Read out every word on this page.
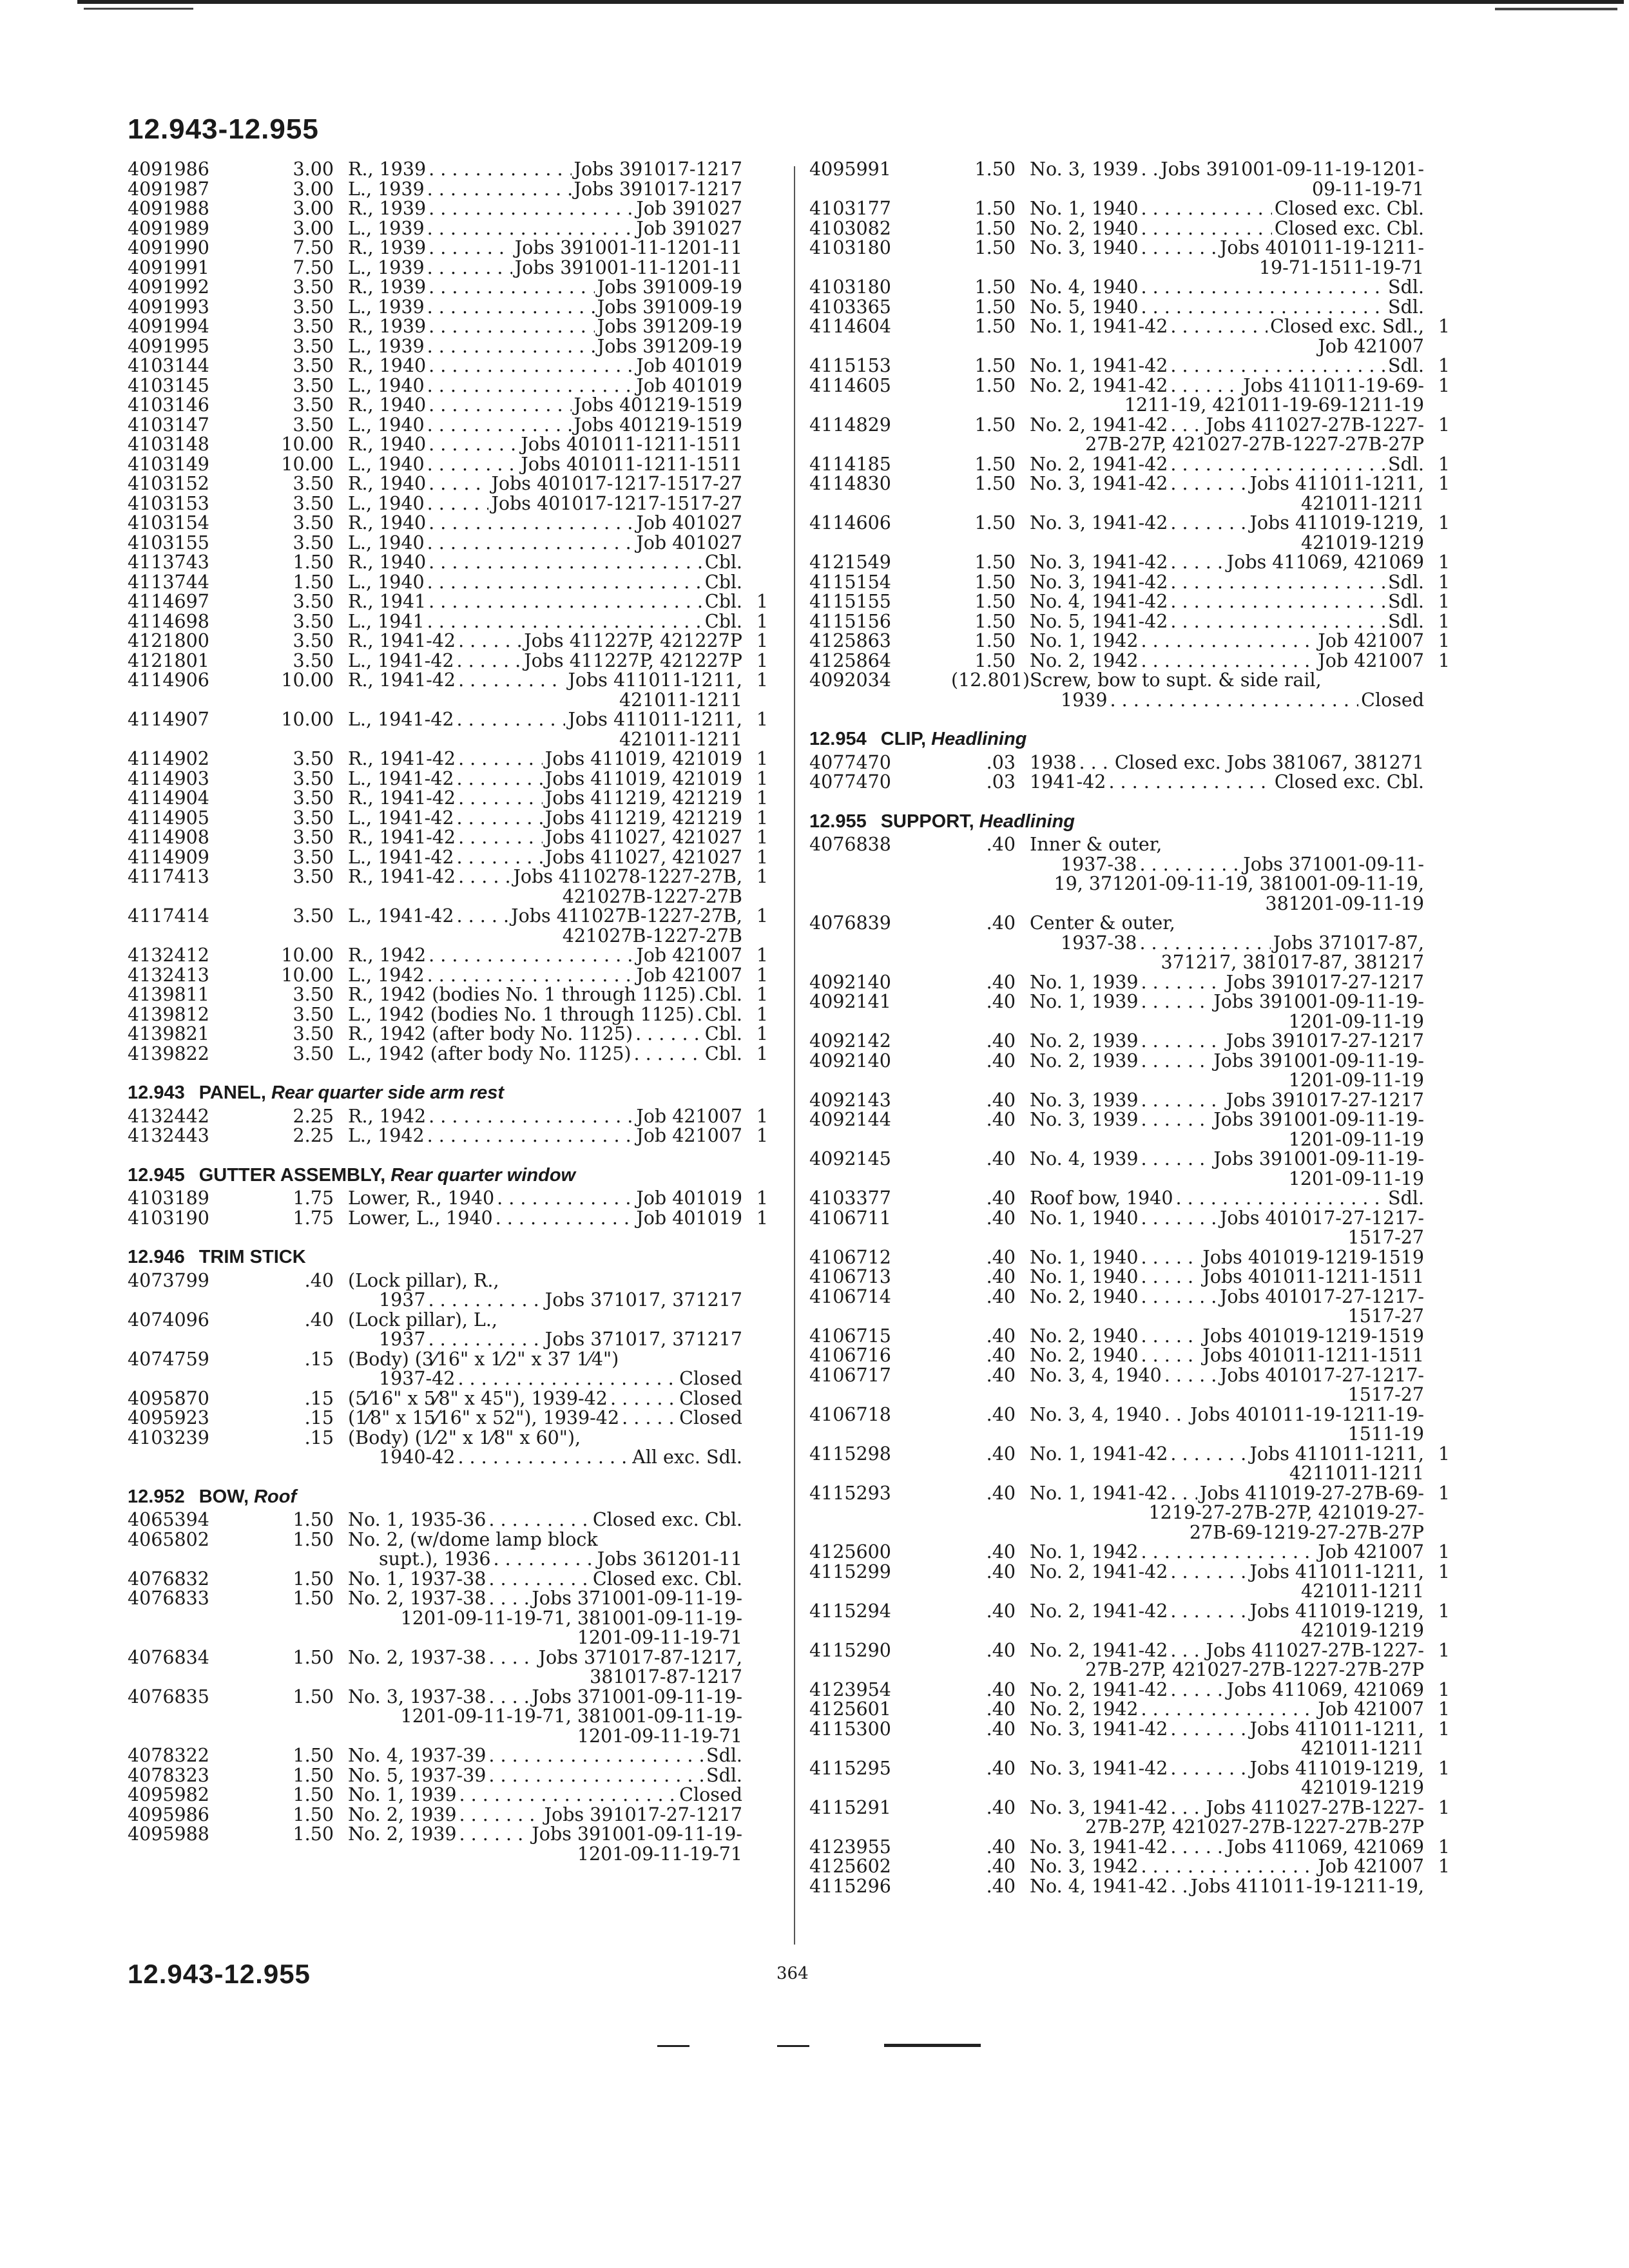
12.943-12.955
4091986	3.00 R., 1939 . . .	Jobs 391017-1217
4091987	3.00 L., 1939 . . .	Jobs 391017-1217
4091988	3.00 R., 1939 . . .	Job 391027
4091989	3.00 L., 1939 . . .	Job 391027
4091990	7.50 R., 1939 . . .	Jobs 391001-11-1201-11
4091991	7.50 L., 1939 . . .	Jobs 391001-11-1201-11
4091992	3.50 R., 1939 . . .	Jobs 391009-19
4091993	3.50 L., 1939 . . .	Jobs 391009-19
4091994	3.50 R., 1939 . . .	Jobs 391209-19
4091995	3.50 L., 1939 . . .	Jobs 391209-19
4103144	3.50 R., 1940 . . .	Job 401019
4103145	3.50 L., 1940 . . .	Job 401019
4103146	3.50 R., 1940 . . .	Jobs 401219-1519
4103147	3.50 L., 1940 . . .	Jobs 401219-1519
4103148	10.00 R., 1940 . . .	Jobs 401011-1211-1511
4103149	10.00 L., 1940 . . .	Jobs 401011-1211-1511
4103152	3.50 R., 1940 . . .	Jobs 401017-1217-1517-27
4103153	3.50 L., 1940 . . .	Jobs 401017-1217-1517-27
4103154	3.50 R., 1940 . . .	Job 401027
4103155	3.50 L., 1940 . . .	Job 401027
4113743	1.50 R., 1940 . . .	Cbl.
4113744	1.50 L., 1940 . . .	Cbl.
4114697	3.50 R., 1941 . . .	Cbl. 1
4114698	3.50 L., 1941 . . .	Cbl. 1
4121800	3.50 R., 1941-42 . . .	Jobs 411227P, 421227P 1
4121801	3.50 L., 1941-42 . . .	Jobs 411227P, 421227P 1
4114906	10.00 R., 1941-42 . . .	Jobs 411011-1211,
421011-1211
1
4114907	10.00 L., 1941-42 . . .	Jobs 411011-1211,
421011-1211
1
4114902	3.50 R., 1941-42 . . .	Jobs 411019, 421019 1
4114903	3.50 L., 1941-42 . . .	Jobs 411019, 421019 1
4114904	3.50 R., 1941-42 . . .	Jobs 411219, 421219 1
4114905	3.50 L., 1941-42 . . .	Jobs 411219, 421219 1
4114908	3.50 R., 1941-42 . . .	Jobs 411027, 421027 1
4114909	3.50 L., 1941-42 . . .	Jobs 411027, 421027 1
4117413	3.50 R., 1941-42 . . .	Jobs 4110278-1227-27B,
421027B-1227-27B
1
4117414	3.50 L., 1941-42 . . .	Jobs 411027B-1227-27B,
421027B-1227-27B
1
4132412	10.00 R., 1942 . . .	Job 421007 1
4132413	10.00 L., 1942 . . .	Job 421007 1
4139811	3.50 R., 1942 (bodies No. 1 through 1125) . . . Cbl. 1
4139812	3.50 L., 1942 (bodies No. 1 through 1125) . . . Cbl. 1
4139821	3.50 R., 1942 (after body No. 1125) . . .	Cbl. 1
4139822	3.50 L., 1942 (after body No. 1125) . . .	Cbl. 1
12.943 PANEL, Rear quarter side arm rest
4132442	2.25 R., 1942 . . .	Job 421007 1
4132443	2.25 L., 1942 . . .	Job 421007 1
12.945 GUTTER ASSEMBLY, Rear quarter window
4103189	1.75 Lower, R., 1940 . . .	Job 401019 1
4103190	1.75 Lower, L., 1940 . . .	Job 401019 1
12.946 TRIM STICK
4073799	.40 (Lock pillar), R.,
1937 . . .	Jobs 371017, 371217
4074096	.40 (Lock pillar), L.,
1937 . . .	Jobs 371017, 371217
4074759	.15 (Body) (3⁄16" x 1⁄2" x 37 1⁄4")
1937-42 . . .	Closed
4095870	.15 (5⁄16" x 5⁄8" x 45"), 1939-42 . . .	Closed
4095923	.15 (1⁄8" x 15⁄16" x 52"), 1939-42 . . .	Closed
4103239	.15 (Body) (1⁄2" x 1⁄8" x 60"),
1940-42 . . .	All exc. Sdl.
12.952 BOW, Roof
4065394	1.50 No. 1, 1935-36 . . .	Closed exc. Cbl.
4065802	1.50 No. 2, (w/dome lamp block
supt.), 1936 . . .	Jobs 361201-11
4076832	1.50 No. 1, 1937-38 . . .	Closed exc. Cbl.
4076833	1.50 No. 2, 1937-38 . . . Jobs 371001-09-11-19-
1201-09-11-19-71, 381001-09-11-19-
1201-09-11-19-71
4076834	1.50 No. 2, 1937-38 . . .	Jobs 371017-87-1217,
381017-87-1217
4076835	1.50 No. 3, 1937-38 . . . Jobs 371001-09-11-19-
1201-09-11-19-71, 381001-09-11-19-
1201-09-11-19-71
4078322	1.50 No. 4, 1937-39 . . .	Sdl.
4078323	1.50 No. 5, 1937-39 . . .	Sdl.
4095982	1.50 No. 1, 1939 . . .	Closed
4095986	1.50 No. 2, 1939 . . .	Jobs 391017-27-1217
4095988	1.50 No. 2, 1939 . . .	Jobs 391001-09-11-19-
1201-09-11-19-71
4095991	1.50 No. 3, 1939 . . . Jobs 391001-09-11-19-1201-
09-11-19-71
4103177	1.50 No. 1, 1940 . . .	Closed exc. Cbl.
4103082	1.50 No. 2, 1940 . . .	Closed exc. Cbl.
4103180	1.50 No. 3, 1940 . . .	Jobs 401011-19-1211-
19-71-1511-19-71
4103180	1.50 No. 4, 1940 . . .	Sdl.
4103365	1.50 No. 5, 1940 . . .	Sdl.
4114604	1.50 No. 1, 1941-42 . . .	Closed exc. Sdl.,
Job 421007
1
4115153	1.50 No. 1, 1941-42 . . .	Sdl. 1
4114605	1.50 No. 2, 1941-42 . . .	Jobs 411011-19-69-
1211-19, 421011-19-69-1211-19
1
4114829	1.50 No. 2, 1941-42 . . . Jobs 411027-27B-1227-
27B-27P, 421027-27B-1227-27B-27P
1
4114185	1.50 No. 2, 1941-42 . . .	Sdl. 1
4114830	1.50 No. 3, 1941-42 . . .	Jobs 411011-1211,
421011-1211
1
4114606	1.50 No. 3, 1941-42 . . .	Jobs 411019-1219,
421019-1219
1
4121549	1.50 No. 3, 1941-42 . . .	Jobs 411069, 421069 1
4115154	1.50 No. 3, 1941-42 . . .	Sdl. 1
4115155	1.50 No. 4, 1941-42 . . .	Sdl. 1
4115156	1.50 No. 5, 1941-42 . . .	Sdl. 1
4125863	1.50 No. 1, 1942 . . .	Job 421007 1
4125864	1.50 No. 2, 1942 . . .	Job 421007 1
4092034	(12.801) Screw, bow to supt. & side rail,
1939 . . .	Closed
12.954 CLIP, Headlining
4077470	.03 1938 . . . Closed exc. Jobs 381067, 381271
4077470	.03 1941-42 . . .	Closed exc. Cbl.
12.955 SUPPORT, Headlining
4076838	.40 Inner & outer,
1937-38 . . .	Jobs 371001-09-11-
19, 371201-09-11-19, 381001-09-11-19,
381201-09-11-19
4076839	.40 Center & outer,
1937-38 . . .	Jobs 371017-87,
371217, 381017-87, 381217
4092140	.40 No. 1, 1939 . . .	Jobs 391017-27-1217
4092141	.40 No. 1, 1939 . . .	Jobs 391001-09-11-19-
1201-09-11-19
4092142	.40 No. 2, 1939 . . .	Jobs 391017-27-1217
4092140	.40 No. 2, 1939 . . .	Jobs 391001-09-11-19-
1201-09-11-19
4092143	.40 No. 3, 1939 . . .	Jobs 391017-27-1217
4092144	.40 No. 3, 1939 . . .	Jobs 391001-09-11-19-
1201-09-11-19
4092145	.40 No. 4, 1939 . . .	Jobs 391001-09-11-19-
1201-09-11-19
4103377	.40 Roof bow, 1940 . . .	Sdl.
4106711	.40 No. 1, 1940 . . .	Jobs 401017-27-1217-
1517-27
4106712	.40 No. 1, 1940 . . .	Jobs 401019-1219-1519
4106713	.40 No. 1, 1940 . . .	Jobs 401011-1211-1511
4106714	.40 No. 2, 1940 . . .	Jobs 401017-27-1217-
1517-27
4106715	.40 No. 2, 1940 . . .	Jobs 401019-1219-1519
4106716	.40 No. 2, 1940 . . .	Jobs 401011-1211-1511
4106717	.40 No. 3, 4, 1940 . . .	Jobs 401017-27-1217-
1517-27
4106718	.40 No. 3, 4, 1940 . . . Jobs 401011-19-1211-19-
1511-19
4115298	.40 No. 1, 1941-42 . . .	Jobs 411011-1211,
4211011-1211
1
4115293	.40 No. 1, 1941-42 . . . Jobs 411019-27-27B-69-
1219-27-27B-27P, 421019-27-
27B-69-1219-27-27B-27P
1
4125600	.40 No. 1, 1942 . . .	Job 421007 1
4115299	.40 No. 2, 1941-42 . . .	Jobs 411011-1211,
421011-1211
1
4115294	.40 No. 2, 1941-42 . . .	Jobs 411019-1219,
421019-1219
1
4115290	.40 No. 2, 1941-42 . . . Jobs 411027-27B-1227-
27B-27P, 421027-27B-1227-27B-27P
1
4123954	.40 No. 2, 1941-42 . . .	Jobs 411069, 421069 1
4125601	.40 No. 2, 1942 . . .	Job 421007 1
4115300	.40 No. 3, 1941-42 . . .	Jobs 411011-1211,
421011-1211
1
4115295	.40 No. 3, 1941-42 . . .	Jobs 411019-1219,
421019-1219
1
4115291	.40 No. 3, 1941-42 . . . Jobs 411027-27B-1227-
27B-27P, 421027-27B-1227-27B-27P
1
4123955	.40 No. 3, 1941-42 . . .	Jobs 411069, 421069 1
4125602	.40 No. 3, 1942 . . .	Job 421007 1
4115296	.40 No. 4, 1941-42 . . . Jobs 411011-19-1211-19,
12.943-12.955	364
